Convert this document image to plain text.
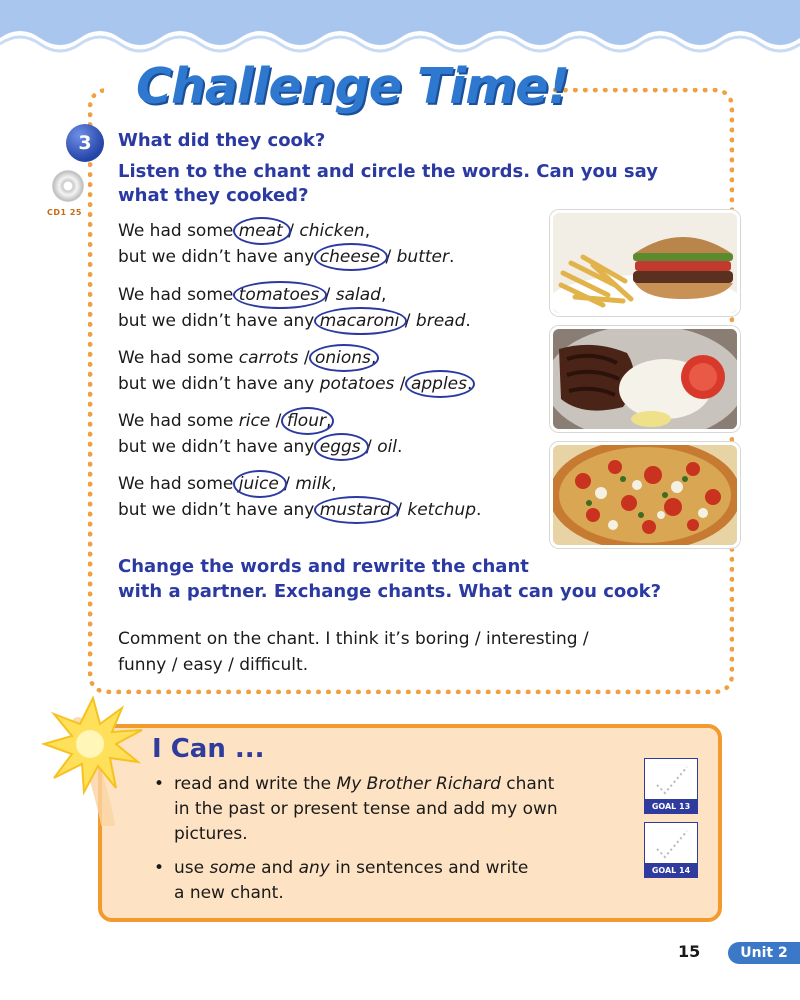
Challenge Time!
3
CD1 25
What did they cook?
Listen to the chant and circle the words. Can you say
what they cooked?
We had some meat / chicken,
but we didn’t have any cheese / butter.
We had some tomatoes / salad,
but we didn’t have any macaroni / bread.
We had some carrots / onions,
but we didn’t have any potatoes / apples.
We had some rice / flour,
but we didn’t have any eggs / oil.
We had some juice / milk,
but we didn’t have any mustard / ketchup.
Change the words and rewrite the chant
with a partner. Exchange chants. What can you cook?
Comment on the chant. I think it’s boring / interesting /
funny / easy / difficult.
I Can ...
• read and write the My Brother Richard chant
in the past or present tense and add my own
pictures.
• use some and any in sentences and write
a new chant.
GOAL 13
GOAL 14
15	Unit 2
